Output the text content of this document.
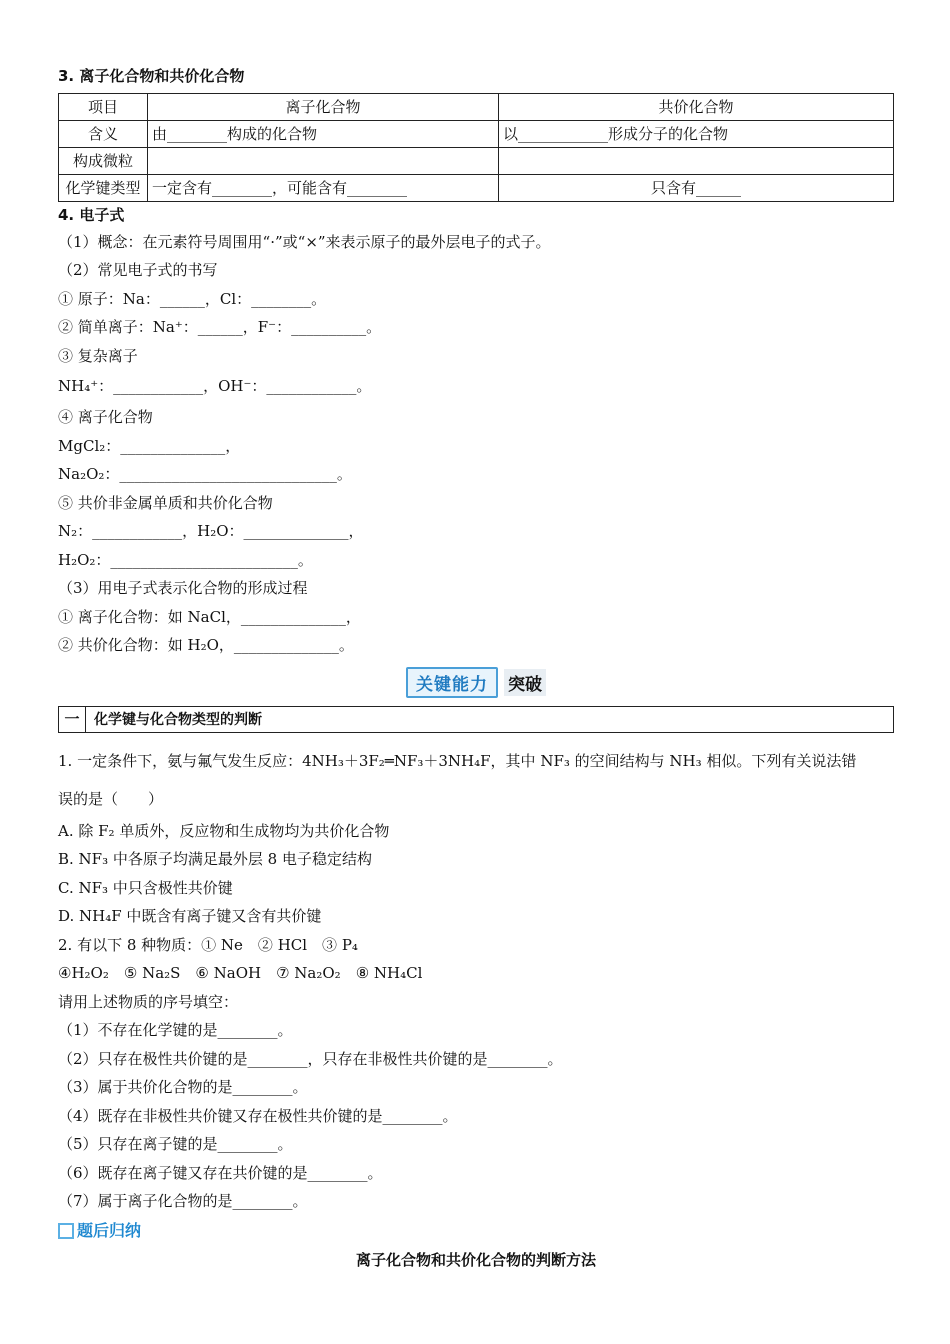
3. 离子化合物和共价化合物
项目	离子化合物	共价化合物
含义	由________构成的化合物	以____________形成分子的化合物
构成微粒		
化学键类型	一定含有________，可能含有________	只含有______
4. 电子式
（1）概念：在元素符号周围用“·”或“×”来表示原子的最外层电子的式子。
（2）常见电子式的书写
① 原子：Na：______，Cl：________。
② 简单离子：Na⁺：______，F⁻：__________。
③ 复杂离子
NH₄⁺：____________，OH⁻：____________。
④ 离子化合物
MgCl₂：______________，
Na₂O₂：_____________________________。
⑤ 共价非金属单质和共价化合物
N₂：____________，H₂O：______________，
H₂O₂：_________________________。
（3）用电子式表示化合物的形成过程
① 离子化合物：如 NaCl，______________，
② 共价化合物：如 H₂O，______________。
关键能力	突破
一	化学键与化合物类型的判断
1. 一定条件下，氨与氟气发生反应：4NH₃＋3F₂═NF₃＋3NH₄F，其中 NF₃ 的空间结构与 NH₃ 相似。下列有关说法错
误的是（　　）
A. 除 F₂ 单质外，反应物和生成物均为共价化合物
B. NF₃ 中各原子均满足最外层 8 电子稳定结构
C. NF₃ 中只含极性共价键
D. NH₄F 中既含有离子键又含有共价键
2. 有以下 8 种物质：① Ne　② HCl　③ P₄
④H₂O₂　⑤ Na₂S　⑥ NaOH　⑦ Na₂O₂　⑧ NH₄Cl
请用上述物质的序号填空：
（1）不存在化学键的是________。
（2）只存在极性共价键的是________，只存在非极性共价键的是________。
（3）属于共价化合物的是________。
（4）既存在非极性共价键又存在极性共价键的是________。
（5）只存在离子键的是________。
（6）既存在离子键又存在共价键的是________。
（7）属于离子化合物的是________。
题后归纳
离子化合物和共价化合物的判断方法
